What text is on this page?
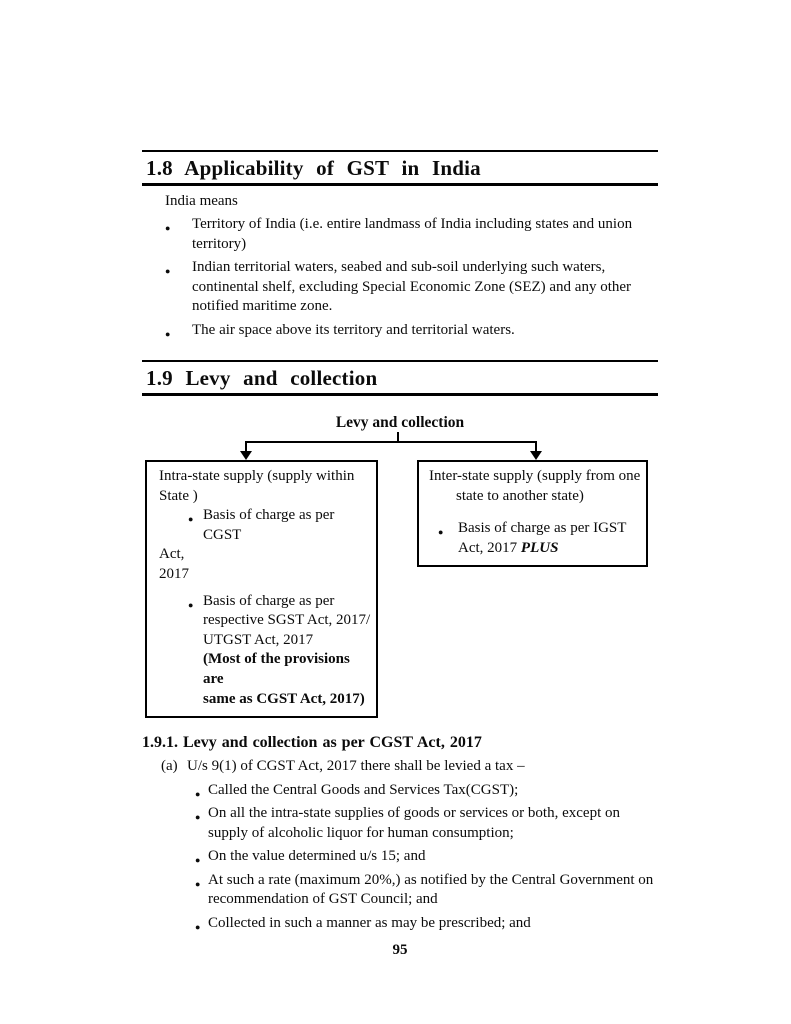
1.8 Applicability of GST in India

India means

● Territory of India (i.e. entire landmass of India including states and union territory)
● Indian territorial waters, seabed and sub-soil underlying such waters, continental shelf, excluding Special Economic Zone (SEZ) and any other notified maritime zone.
● The air space above its territory and territorial waters.
1.9 Levy and collection
Levy and collection
Intra-state supply (supply within
State )
● Basis of charge as per CGST
Act,
2017
● Basis of charge as per
respective SGST Act, 2017/
UTGST Act, 2017
(Most of the provisions are
same as CGST Act, 2017)
Inter-state supply (supply from one
state to another state)
● Basis of charge as per IGST
Act, 2017 PLUS
1.9.1. Levy and collection as per CGST Act, 2017

(a) U/s 9(1) of CGST Act, 2017 there shall be levied a tax –

● Called the Central Goods and Services Tax(CGST);
● On all the intra-state supplies of goods or services or both, except on supply of alcoholic liquor for human consumption;
● On the value determined u/s 15; and
● At such a rate (maximum 20%,) as notified by the Central Government on recommendation of GST Council; and
● Collected in such a manner as may be prescribed; and
95
